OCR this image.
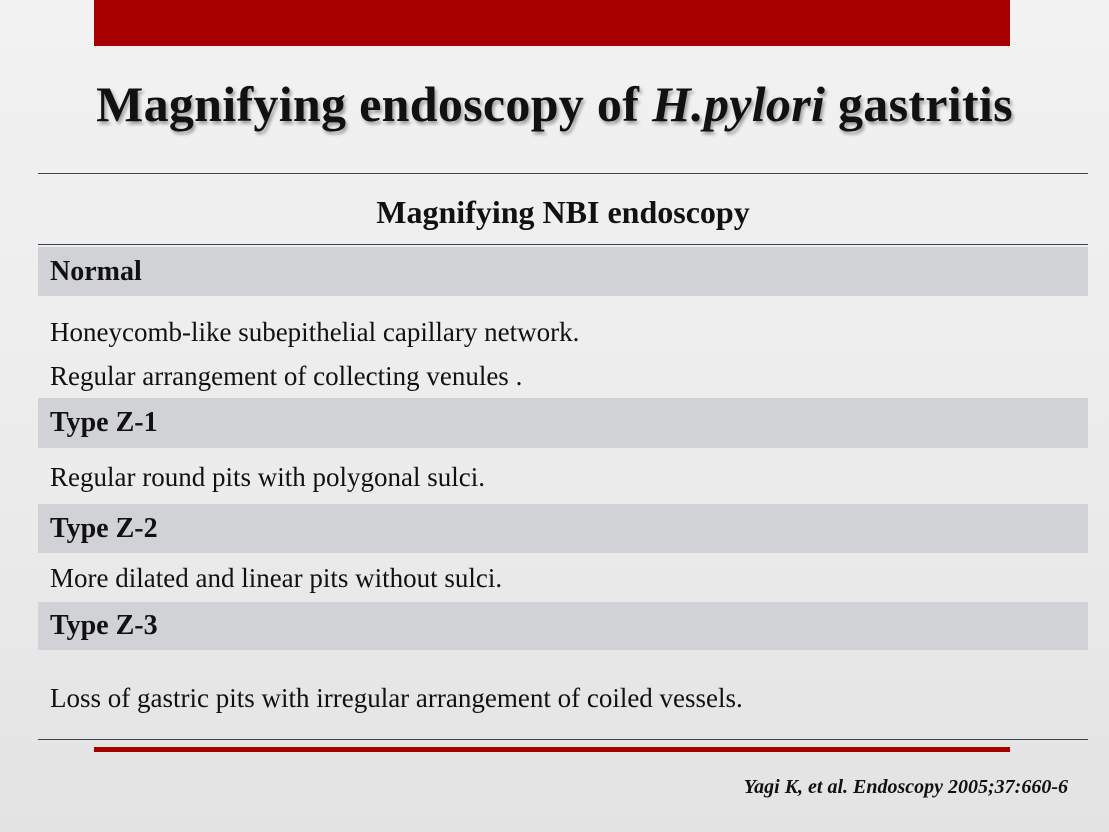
Magnifying endoscopy of H.pylori gastritis
Magnifying NBI endoscopy
Normal
Honeycomb-like subepithelial capillary network.
Regular arrangement of collecting venules .
Type Z-1
Regular round pits with polygonal sulci.
Type Z-2
More dilated and linear pits without sulci.
Type Z-3
Loss of gastric pits with irregular arrangement of coiled vessels.
Yagi K, et al. Endoscopy 2005;37:660-6
